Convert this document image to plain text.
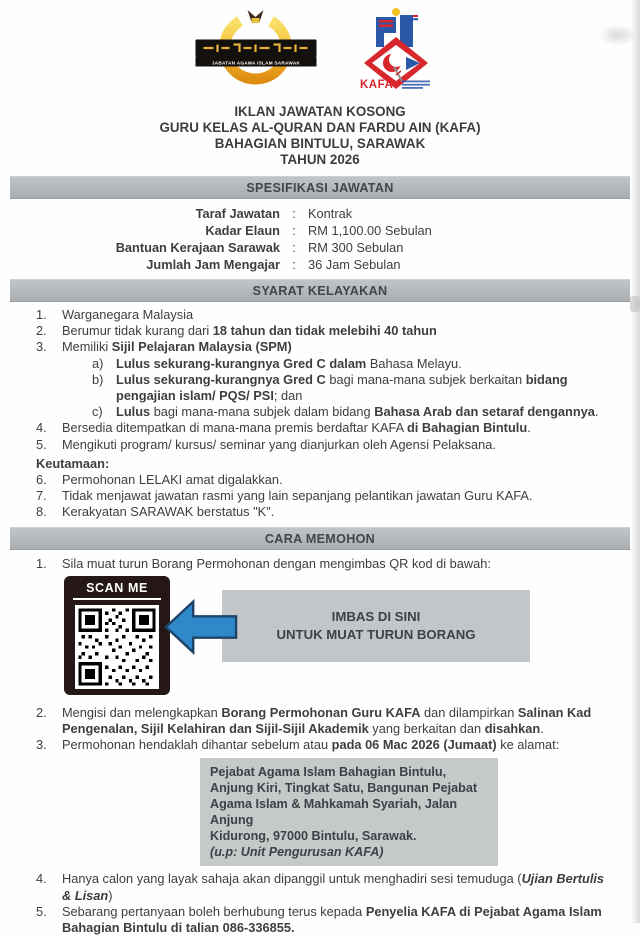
JABATAN AGAMA ISLAM SARAWAK
KAFA
IKLAN JAWATAN KOSONG
GURU KELAS AL-QURAN DAN FARDU AIN (KAFA)
BAHAGIAN BINTULU, SARAWAK
TAHUN 2026
SPESIFIKASI JAWATAN
Taraf Jawatan : Kontrak
Kadar Elaun : RM 1,100.00 Sebulan
Bantuan Kerajaan Sarawak : RM 300 Sebulan
Jumlah Jam Mengajar : 36 Jam Sebulan
SYARAT KELAYAKAN
1.	Warganegara Malaysia
2.	Berumur tidak kurang dari 18 tahun dan tidak melebihi 40 tahun
3.	Memiliki Sijil Pelajaran Malaysia (SPM)
a) Lulus sekurang-kurangnya Gred C dalam Bahasa Melayu.
b) Lulus sekurang-kurangnya Gred C bagi mana-mana subjek berkaitan bidang pengajian islam/ PQS/ PSI; dan
c)	Lulus bagi mana-mana subjek dalam bidang Bahasa Arab dan setaraf dengannya.
4.	Bersedia ditempatkan di mana-mana premis berdaftar KAFA di Bahagian Bintulu.
5.	Mengikuti program/ kursus/ seminar yang dianjurkan oleh Agensi Pelaksana.
Keutamaan:
6.	Permohonan LELAKI amat digalakkan.
7.	Tidak menjawat jawatan rasmi yang lain sepanjang pelantikan jawatan Guru KAFA.
8.	Kerakyatan SARAWAK berstatus "K".
CARA MEMOHON
1.	Sila muat turun Borang Permohonan dengan mengimbas QR kod di bawah:
SCAN ME
IMBAS DI SINI
UNTUK MUAT TURUN BORANG
2.	Mengisi dan melengkapkan Borang Permohonan Guru KAFA dan dilampirkan Salinan Kad Pengenalan, Sijil Kelahiran dan Sijil-Sijil Akademik yang berkaitan dan disahkan.
3.	Permohonan hendaklah dihantar sebelum atau pada 06 Mac 2026 (Jumaat) ke alamat:
Pejabat Agama Islam Bahagian Bintulu,
Anjung Kiri, Tingkat Satu, Bangunan Pejabat
Agama Islam & Mahkamah Syariah, Jalan Anjung
Kidurong, 97000 Bintulu, Sarawak.
(u.p: Unit Pengurusan KAFA)
4.	Hanya calon yang layak sahaja akan dipanggil untuk menghadiri sesi temuduga (Ujian Bertulis & Lisan)
5.	Sebarang pertanyaan boleh berhubung terus kepada Penyelia KAFA di Pejabat Agama Islam Bahagian Bintulu di talian 086-336855.
